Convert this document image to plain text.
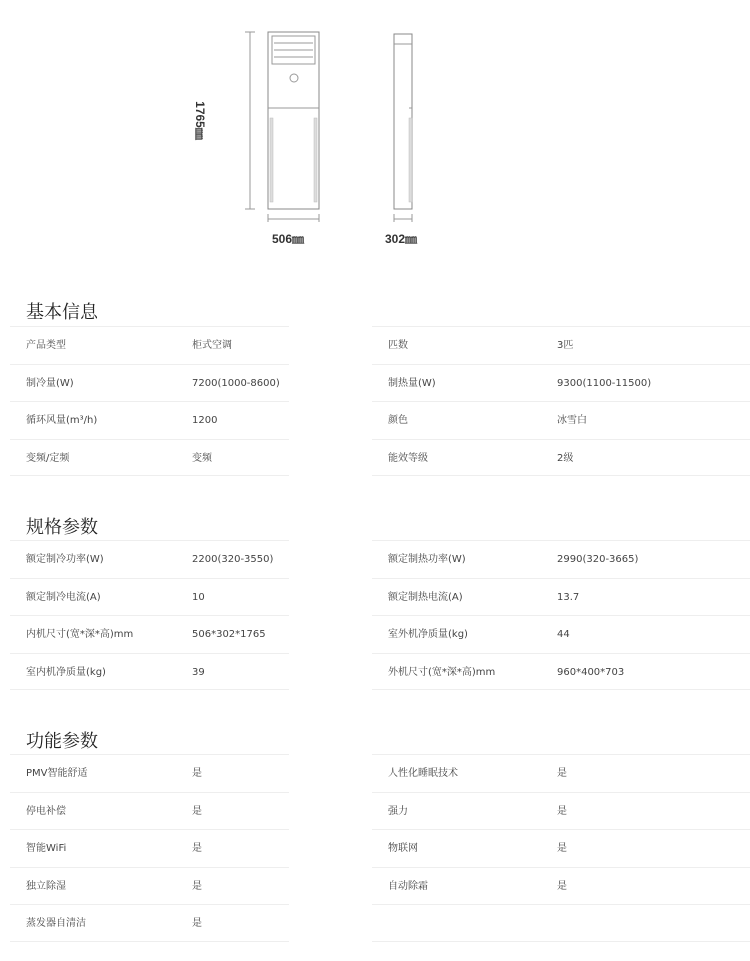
1765㎜
506㎜	302㎜
基本信息
产品类型	柜式空调
制冷量(W)	7200(1000-8600)
循环风量(m³/h)	1200
变频/定频	变频
匹数	3匹
制热量(W)	9300(1100-11500)
颜色	冰雪白
能效等级	2级
规格参数
额定制冷功率(W)	2200(320-3550)
额定制冷电流(A)	10
内机尺寸(宽*深*高)mm	506*302*1765
室内机净质量(kg)	39
额定制热功率(W)	2990(320-3665)
额定制热电流(A)	13.7
室外机净质量(kg)	44
外机尺寸(宽*深*高)mm	960*400*703
功能参数
PMV智能舒适	是
停电补偿	是
智能WiFi	是
独立除湿	是
蒸发器自清洁	是
人性化睡眠技术	是
强力	是
物联网	是
自动除霜	是
